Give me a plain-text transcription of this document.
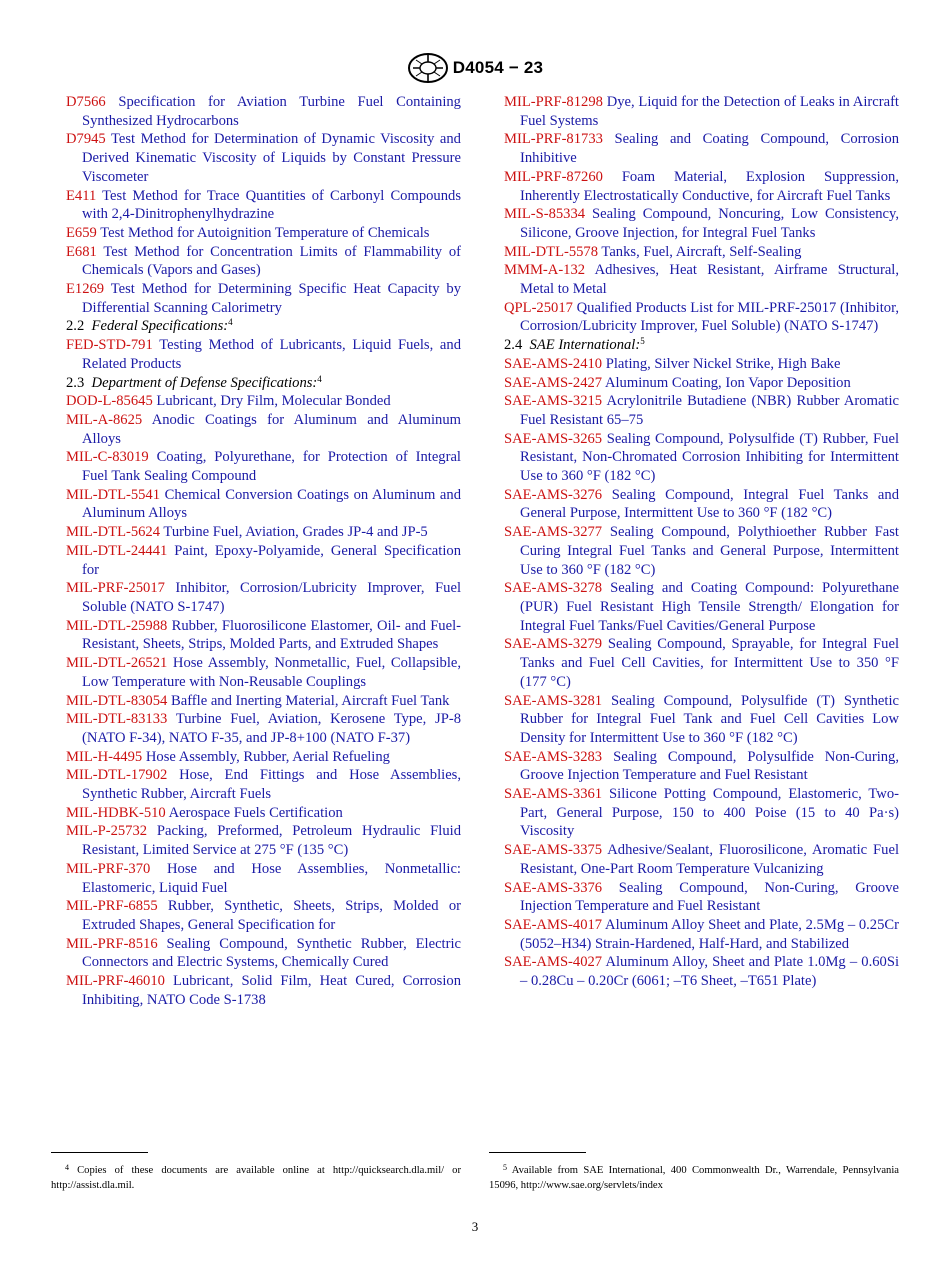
D4054 − 23
D7566 Specification for Aviation Turbine Fuel Containing Synthesized Hydrocarbons
D7945 Test Method for Determination of Dynamic Viscosity and Derived Kinematic Viscosity of Liquids by Constant Pressure Viscometer
E411 Test Method for Trace Quantities of Carbonyl Compounds with 2,4-Dinitrophenylhydrazine
E659 Test Method for Autoignition Temperature of Chemicals
E681 Test Method for Concentration Limits of Flammability of Chemicals (Vapors and Gases)
E1269 Test Method for Determining Specific Heat Capacity by Differential Scanning Calorimetry
2.2 Federal Specifications:$^4$
FED-STD-791 Testing Method of Lubricants, Liquid Fuels, and Related Products
2.3 Department of Defense Specifications:$^4$
DOD-L-85645 Lubricant, Dry Film, Molecular Bonded
MIL-A-8625 Anodic Coatings for Aluminum and Aluminum Alloys
MIL-C-83019 Coating, Polyurethane, for Protection of Integral Fuel Tank Sealing Compound
MIL-DTL-5541 Chemical Conversion Coatings on Aluminum and Aluminum Alloys
MIL-DTL-5624 Turbine Fuel, Aviation, Grades JP-4 and JP-5
MIL-DTL-24441 Paint, Epoxy-Polyamide, General Specification for
MIL-PRF-25017 Inhibitor, Corrosion/Lubricity Improver, Fuel Soluble (NATO S-1747)
MIL-DTL-25988 Rubber, Fluorosilicone Elastomer, Oil- and Fuel-Resistant, Sheets, Strips, Molded Parts, and Extruded Shapes
MIL-DTL-26521 Hose Assembly, Nonmetallic, Fuel, Collapsible, Low Temperature with Non-Reusable Couplings
MIL-DTL-83054 Baffle and Inerting Material, Aircraft Fuel Tank
MIL-DTL-83133 Turbine Fuel, Aviation, Kerosene Type, JP-8 (NATO F-34), NATO F-35, and JP-8+100 (NATO F-37)
MIL-H-4495 Hose Assembly, Rubber, Aerial Refueling
MIL-DTL-17902 Hose, End Fittings and Hose Assemblies, Synthetic Rubber, Aircraft Fuels
MIL-HDBK-510 Aerospace Fuels Certification
MIL-P-25732 Packing, Preformed, Petroleum Hydraulic Fluid Resistant, Limited Service at 275 °F (135 °C)
MIL-PRF-370 Hose and Hose Assemblies, Nonmetallic: Elastomeric, Liquid Fuel
MIL-PRF-6855 Rubber, Synthetic, Sheets, Strips, Molded or Extruded Shapes, General Specification for
MIL-PRF-8516 Sealing Compound, Synthetic Rubber, Electric Connectors and Electric Systems, Chemically Cured
MIL-PRF-46010 Lubricant, Solid Film, Heat Cured, Corrosion Inhibiting, NATO Code S-1738
MIL-PRF-81298 Dye, Liquid for the Detection of Leaks in Aircraft Fuel Systems
MIL-PRF-81733 Sealing and Coating Compound, Corrosion Inhibitive
MIL-PRF-87260 Foam Material, Explosion Suppression, Inherently Electrostatically Conductive, for Aircraft Fuel Tanks
MIL-S-85334 Sealing Compound, Noncuring, Low Consistency, Silicone, Groove Injection, for Integral Fuel Tanks
MIL-DTL-5578 Tanks, Fuel, Aircraft, Self-Sealing
MMM-A-132 Adhesives, Heat Resistant, Airframe Structural, Metal to Metal
QPL-25017 Qualified Products List for MIL-PRF-25017 (Inhibitor, Corrosion/Lubricity Improver, Fuel Soluble) (NATO S-1747)
2.4 SAE International:$^5$
SAE-AMS-2410 Plating, Silver Nickel Strike, High Bake
SAE-AMS-2427 Aluminum Coating, Ion Vapor Deposition
SAE-AMS-3215 Acrylonitrile Butadiene (NBR) Rubber Aromatic Fuel Resistant 65–75
SAE-AMS-3265 Sealing Compound, Polysulfide (T) Rubber, Fuel Resistant, Non-Chromated Corrosion Inhibiting for Intermittent Use to 360 °F (182 °C)
SAE-AMS-3276 Sealing Compound, Integral Fuel Tanks and General Purpose, Intermittent Use to 360 °F (182 °C)
SAE-AMS-3277 Sealing Compound, Polythioether Rubber Fast Curing Integral Fuel Tanks and General Purpose, Intermittent Use to 360 °F (182 °C)
SAE-AMS-3278 Sealing and Coating Compound: Polyurethane (PUR) Fuel Resistant High Tensile Strength/ Elongation for Integral Fuel Tanks/Fuel Cavities/General Purpose
SAE-AMS-3279 Sealing Compound, Sprayable, for Integral Fuel Tanks and Fuel Cell Cavities, for Intermittent Use to 350 °F (177 °C)
SAE-AMS-3281 Sealing Compound, Polysulfide (T) Synthetic Rubber for Integral Fuel Tank and Fuel Cell Cavities Low Density for Intermittent Use to 360 °F (182 °C)
SAE-AMS-3283 Sealing Compound, Polysulfide Non-Curing, Groove Injection Temperature and Fuel Resistant
SAE-AMS-3361 Silicone Potting Compound, Elastomeric, Two-Part, General Purpose, 150 to 400 Poise (15 to 40 Pa·s) Viscosity
SAE-AMS-3375 Adhesive/Sealant, Fluorosilicone, Aromatic Fuel Resistant, One-Part Room Temperature Vulcanizing
SAE-AMS-3376 Sealing Compound, Non-Curing, Groove Injection Temperature and Fuel Resistant
SAE-AMS-4017 Aluminum Alloy Sheet and Plate, 2.5Mg – 0.25Cr (5052–H34) Strain-Hardened, Half-Hard, and Stabilized
SAE-AMS-4027 Aluminum Alloy, Sheet and Plate 1.0Mg – 0.60Si – 0.28Cu – 0.20Cr (6061; –T6 Sheet, –T651 Plate)
$^4$ Copies of these documents are available online at http://quicksearch.dla.mil/ or http://assist.dla.mil.
$^5$ Available from SAE International, 400 Commonwealth Dr., Warrendale, Pennsylvania 15096, http://www.sae.org/servlets/index
3
